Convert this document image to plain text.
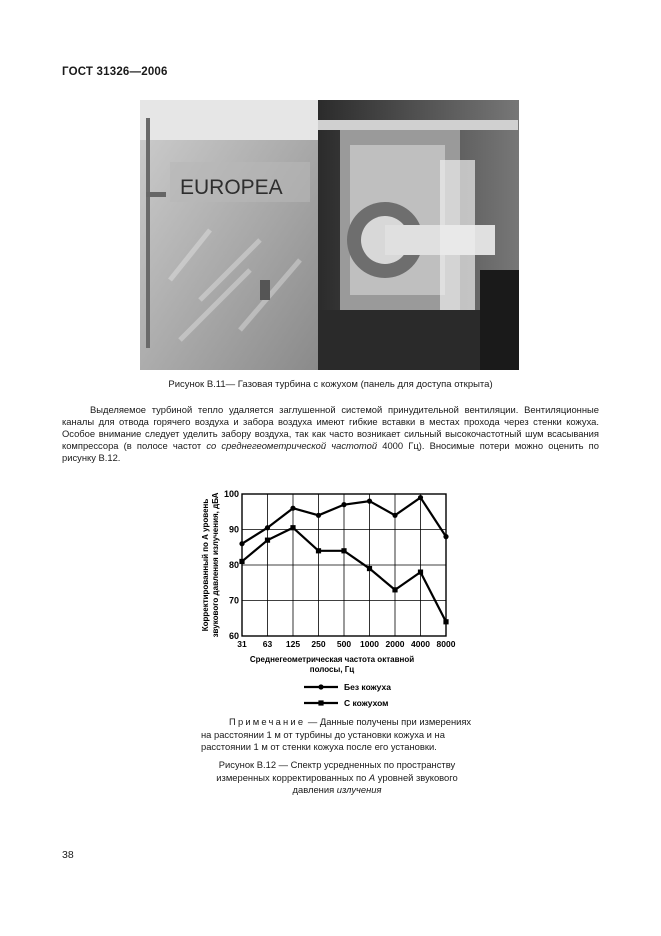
ГОСТ 31326—2006
EUROPEA
Рисунок В.11— Газовая турбина с кожухом (панель для доступа открыта)
Выделяемое турбиной тепло удаляется заглушенной системой принудительной вентиляции. Вентиляционные каналы для отвода горячего воздуха и забора воздуха имеют гибкие вставки в местах прохода через стенки кожуха. Особое внимание следует уделить забору воздуха, так как часто возникает сильный высокочастотный шум всасывания компрессора (в полосе частот со среднегеометрической частотой 4000 Гц). Вносимые потери можно оценить по рисунку В.12.
60
70
80
90
100
31 63 125 250 500 1000 2000 4000 8000
Корректированный по А уровень звукового давления излучения, дБА
Среднегеометрическая частота октавной
полосы, Гц
Без кожуха
С кожухом
Примечание — Данные получены при измерениях на расстоянии 1 м от турбины до установки кожуха и на расстоянии 1 м от стенки кожуха после его установки.
Рисунок В.12 — Спектр усредненных по пространству измеренных корректированных по А уровней звукового давления излучения
38
